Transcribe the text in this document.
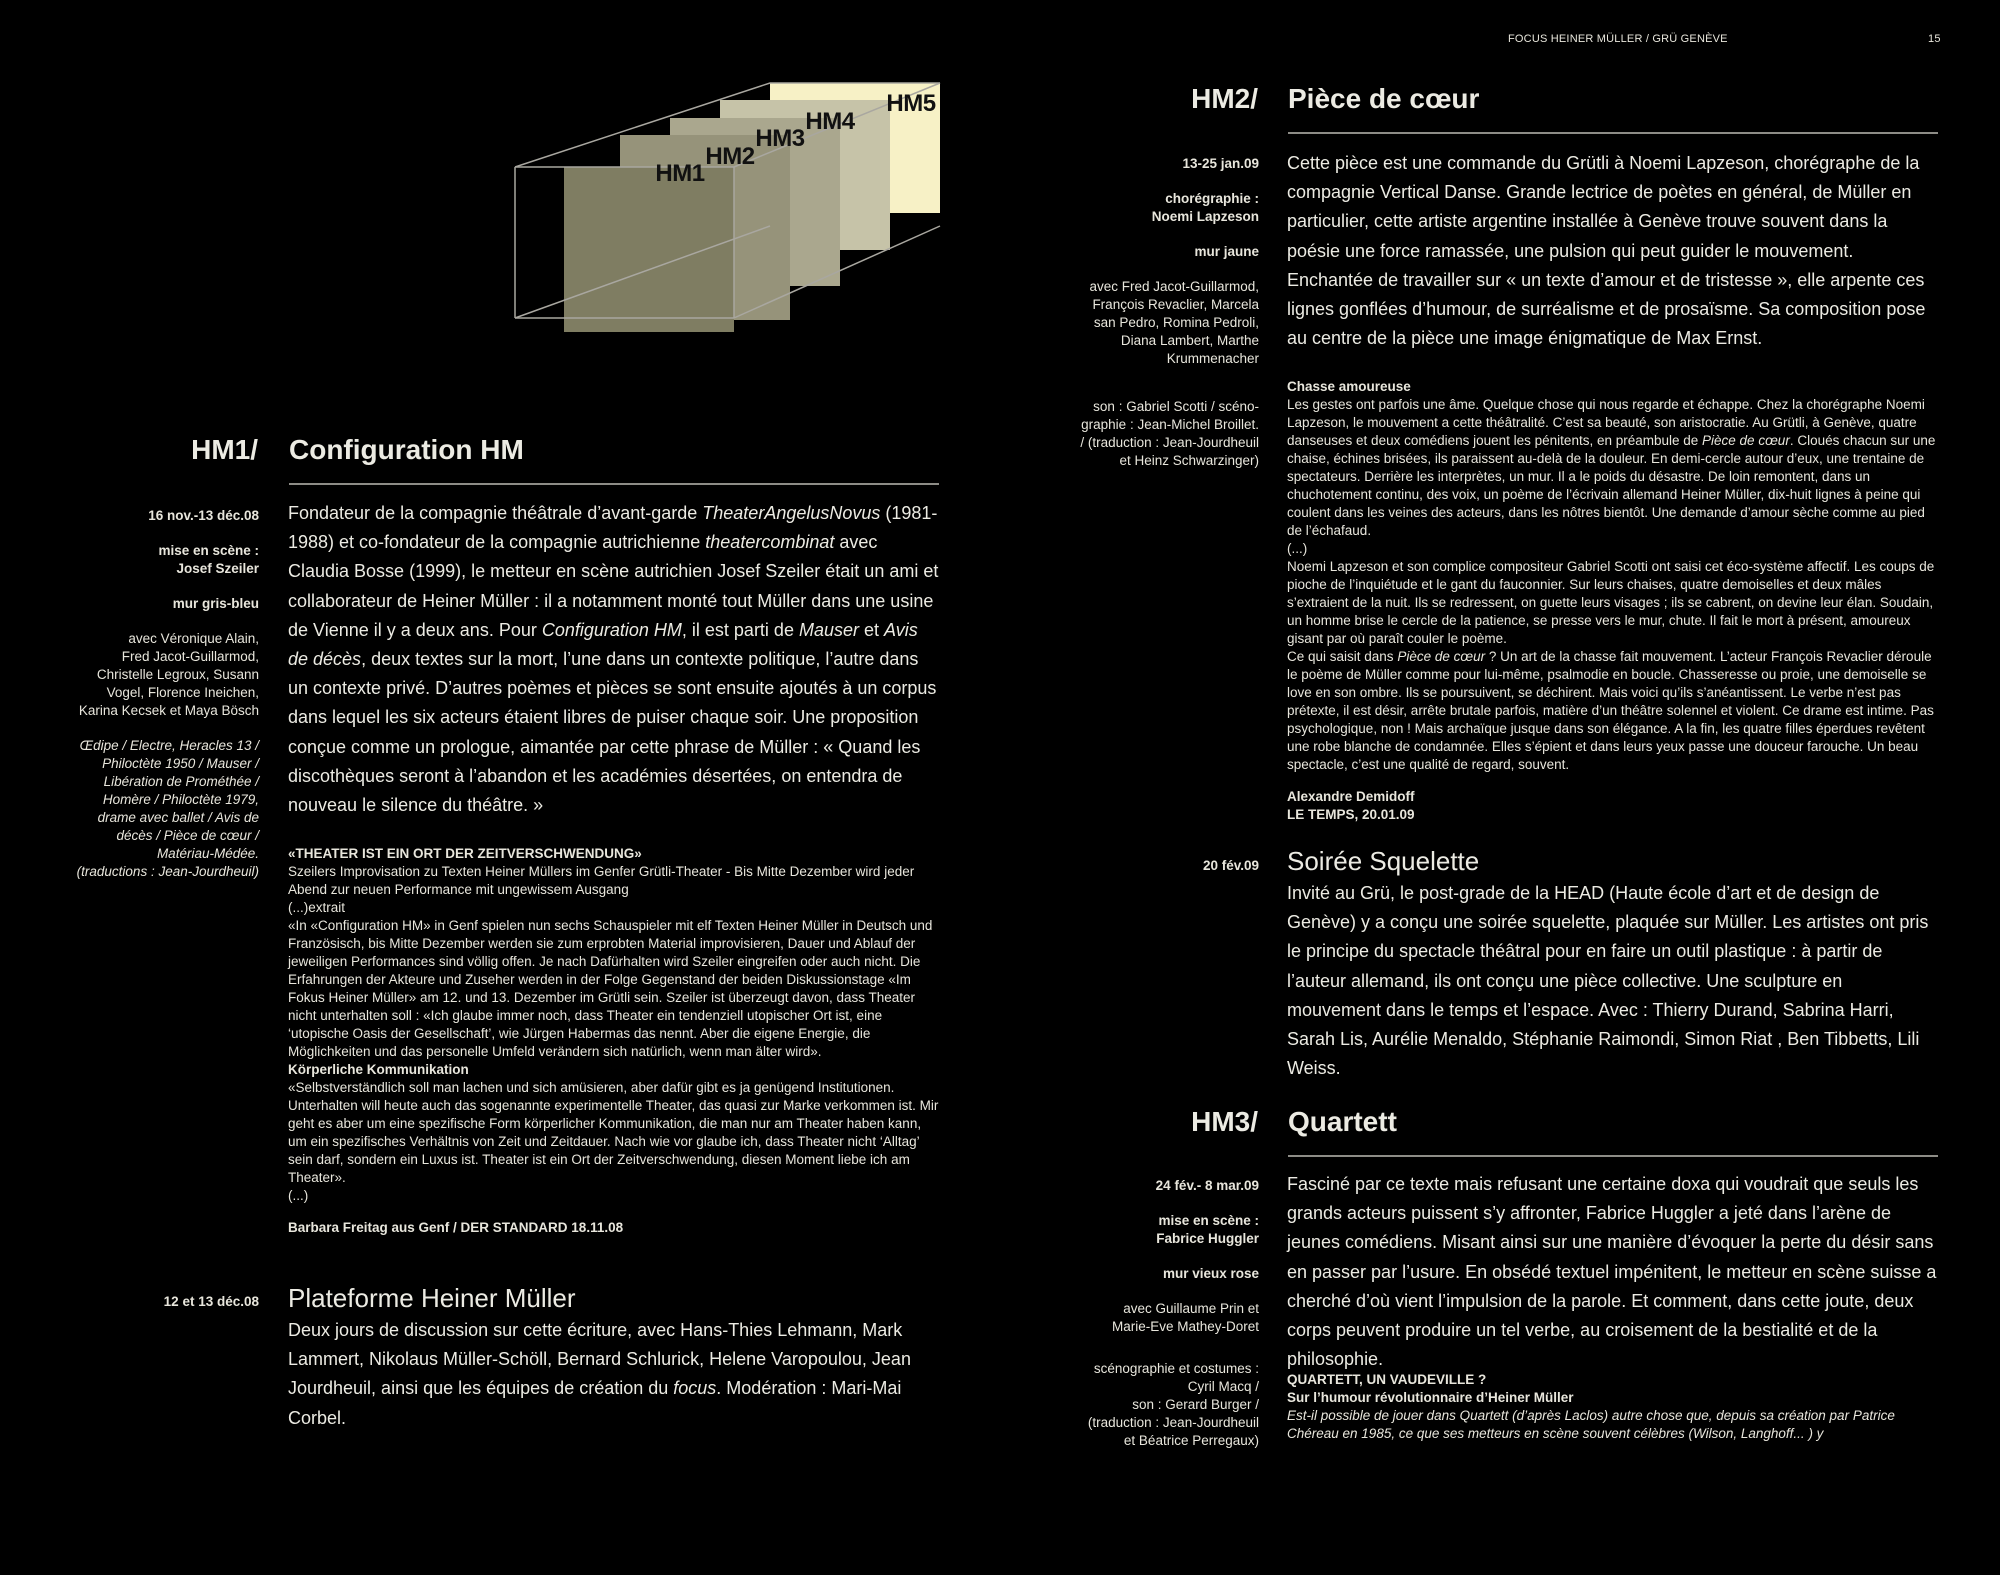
FOCUS HEINER MÜLLER / GRÜ GENÈVE	15
HM1
HM2
HM3
HM4
HM5
HM1/ Configuration HM
16 nov.-13 déc.08
mise en scène :
Josef Szeiler
mur gris-bleu
avec Véronique Alain,
Fred Jacot-Guillarmod,
Christelle Legroux, Susann
Vogel, Florence Ineichen,
Karina Kecsek et Maya Bösch
Œdipe / Electre, Heracles 13 /
Philoctète 1950 / Mauser /
Libération de Prométhée /
Homère / Philoctète 1979,
drame avec ballet / Avis de
décès / Pièce de cœur /
Matériau-Médée.
(traductions : Jean-Jourdheuil)

Fondateur de la compagnie théâtrale d’avant-garde TheaterAngelusNovus (1981-1988) et co-fondateur de la compagnie autrichienne theatercombinat avec Claudia Bosse (1999), le metteur en scène autrichien Josef Szeiler était un ami et collaborateur de Heiner Müller : il a notamment monté tout Müller dans une usine de Vienne il y a deux ans. Pour Configuration HM, il est parti de Mauser et Avis de décès, deux textes sur la mort, l’une dans un contexte politique, l’autre dans un contexte privé. D’autres poèmes et pièces se sont ensuite ajoutés à un corpus dans lequel les six acteurs étaient libres de puiser chaque soir. Une proposition conçue comme un prologue, aimantée par cette phrase de Müller : « Quand les discothèques seront à l’abandon et les académies désertées, on entendra de nouveau le silence du théâtre. »

«THEATER IST EIN ORT DER ZEITVERSCHWENDUNG»

Szeilers Improvisation zu Texten Heiner Müllers im Genfer Grütli-Theater - Bis Mitte Dezember wird jeder Abend zur neuen Performance mit ungewissem Ausgang

(...)extrait

«In «Configuration HM» in Genf spielen nun sechs Schauspieler mit elf Texten Heiner Müller in Deutsch und Französisch, bis Mitte Dezember werden sie zum erprobten Material improvisieren, Dauer und Ablauf der jeweiligen Performances sind völlig offen. Je nach Dafürhalten wird Szeiler eingreifen oder auch nicht. Die Erfahrungen der Akteure und Zuseher werden in der Folge Gegenstand der beiden Diskussionstage «Im Fokus Heiner Müller» am 12. und 13. Dezember im Grütli sein. Szeiler ist überzeugt davon, dass Theater nicht unterhalten soll : «Ich glaube immer noch, dass Theater ein tendenziell utopischer Ort ist, eine ‘utopische Oasis der Gesellschaft’, wie Jürgen Habermas das nennt. Aber die eigene Energie, die Möglichkeiten und das personelle Umfeld verändern sich natürlich, wenn man älter wird».

Körperliche Kommunikation

«Selbstverständlich soll man lachen und sich amüsieren, aber dafür gibt es ja genügend Institutionen. Unterhalten will heute auch das sogenannte experimentelle Theater, das quasi zur Marke verkommen ist. Mir geht es aber um eine spezifische Form körperlicher Kommunikation, die man nur am Theater haben kann, um ein spezifisches Verhältnis von Zeit und Zeitdauer. Nach wie vor glaube ich, dass Theater nicht ‘Alltag’ sein darf, sondern ein Luxus ist. Theater ist ein Ort der Zeitverschwendung, diesen Moment liebe ich am Theater».

(...)

Barbara Freitag aus Genf / DER STANDARD 18.11.08

12 et 13 déc.08 Plateforme Heiner Müller

Deux jours de discussion sur cette écriture, avec Hans-Thies Lehmann, Mark Lammert, Nikolaus Müller-Schöll, Bernard Schlurick, Helene Varopoulou, Jean Jourdheuil, ainsi que les équipes de création du focus. Modération : Mari-Mai Corbel.

HM2/ Pièce de cœur
13-25 jan.09
chorégraphie :
Noemi Lapzeson
mur jaune
avec Fred Jacot-Guillarmod,
François Revaclier, Marcela
san Pedro, Romina Pedroli,
Diana Lambert, Marthe
Krummenacher
son : Gabriel Scotti / scéno-
graphie : Jean-Michel Broillet.
/ (traduction : Jean-Jourdheuil
et Heinz Schwarzinger)
Cette pièce est une commande du Grütli à Noemi Lapzeson, chorégraphe de la compagnie Vertical Danse. Grande lectrice de poètes en général, de Müller en particulier, cette artiste argentine installée à Genève trouve souvent dans la poésie une force ramassée, une pulsion qui peut guider le mouvement. Enchantée de travailler sur « un texte d’amour et de tristesse », elle arpente ces lignes gonflées d’humour, de surréalisme et de prosaïsme. Sa composition pose au centre de la pièce une image énigmatique de Max Ernst.

Chasse amoureuse

Les gestes ont parfois une âme. Quelque chose qui nous regarde et échappe. Chez la chorégraphe Noemi Lapzeson, le mouvement a cette théâtralité. C’est sa beauté, son aristocratie. Au Grütli, à Genève, quatre danseuses et deux comédiens jouent les pénitents, en préambule de Pièce de cœur. Cloués chacun sur une chaise, échines brisées, ils paraissent au-delà de la douleur. En demi-cercle autour d’eux, une trentaine de spectateurs. Derrière les interprètes, un mur. Il a le poids du désastre. De loin remontent, dans un chuchotement continu, des voix, un poème de l’écrivain allemand Heiner Müller, dix-huit lignes à peine qui coulent dans les veines des acteurs, dans les nôtres bientôt. Une demande d’amour sèche comme au pied de l’échafaud.

(...)

Noemi Lapzeson et son complice compositeur Gabriel Scotti ont saisi cet éco-système affectif. Les coups de pioche de l’inquiétude et le gant du fauconnier. Sur leurs chaises, quatre demoiselles et deux mâles s’extraient de la nuit. Ils se redressent, on guette leurs visages ; ils se cabrent, on devine leur élan. Soudain, un homme brise le cercle de la patience, se presse vers le mur, chute. Il fait le mort à présent, amoureux gisant par où paraît couler le poème.

Ce qui saisit dans Pièce de cœur ? Un art de la chasse fait mouvement. L’acteur François Revaclier déroule le poème de Müller comme pour lui-même, psalmodie en boucle. Chasseresse ou proie, une demoiselle se love en son ombre. Ils se poursuivent, se déchirent. Mais voici qu’ils s’anéantissent. Le verbe n’est pas prétexte, il est désir, arrête brutale parfois, matière d’un théâtre solennel et violent. Ce drame est intime. Pas psychologique, non ! Mais archaïque jusque dans son élégance. A la fin, les quatre filles éperdues revêtent une robe blanche de condamnée. Elles s’épient et dans leurs yeux passe une douceur farouche. Un beau spectacle, c’est une qualité de regard, souvent.

Alexandre Demidoff

LE TEMPS, 20.01.09

20 fév.09 Soirée Squelette
Invité au Grü, le post-grade de la HEAD (Haute école d’art et de design de Genève) y a conçu une soirée squelette, plaquée sur Müller. Les artistes ont pris le principe du spectacle théâtral pour en faire un outil plastique : à partir de l’auteur allemand, ils ont conçu une pièce collective. Une sculpture en mouvement dans le temps et l’espace. Avec : Thierry Durand, Sabrina Harri, Sarah Lis, Aurélie Menaldo, Stéphanie Raimondi, Simon Riat , Ben Tibbetts, Lili Weiss.
HM3/ Quartett
24 fév.- 8 mar.09
mise en scène :
Fabrice Huggler
mur vieux rose
avec Guillaume Prin et
Marie-Eve Mathey-Doret
scénographie et costumes :
Cyril Macq /
son : Gerard Burger /
(traduction : Jean-Jourdheuil
et Béatrice Perregaux)
Fasciné par ce texte mais refusant une certaine doxa qui voudrait que seuls les grands acteurs puissent s’y affronter, Fabrice Huggler a jeté dans l’arène de jeunes comédiens. Misant ainsi sur une manière d’évoquer la perte du désir sans en passer par l’usure. En obsédé textuel impénitent, le metteur en scène suisse a cherché d’où vient l’impulsion de la parole. Et comment, dans cette joute, deux corps peuvent produire un tel verbe, au croisement de la bestialité et de la philosophie.

QUARTETT, UN VAUDEVILLE ?

Sur l’humour révolutionnaire d’Heiner Müller

Est-il possible de jouer dans Quartett (d’après Laclos) autre chose que, depuis sa création par Patrice Chéreau en 1985, ce que ses metteurs en scène souvent célèbres (Wilson, Langhoff... ) y
